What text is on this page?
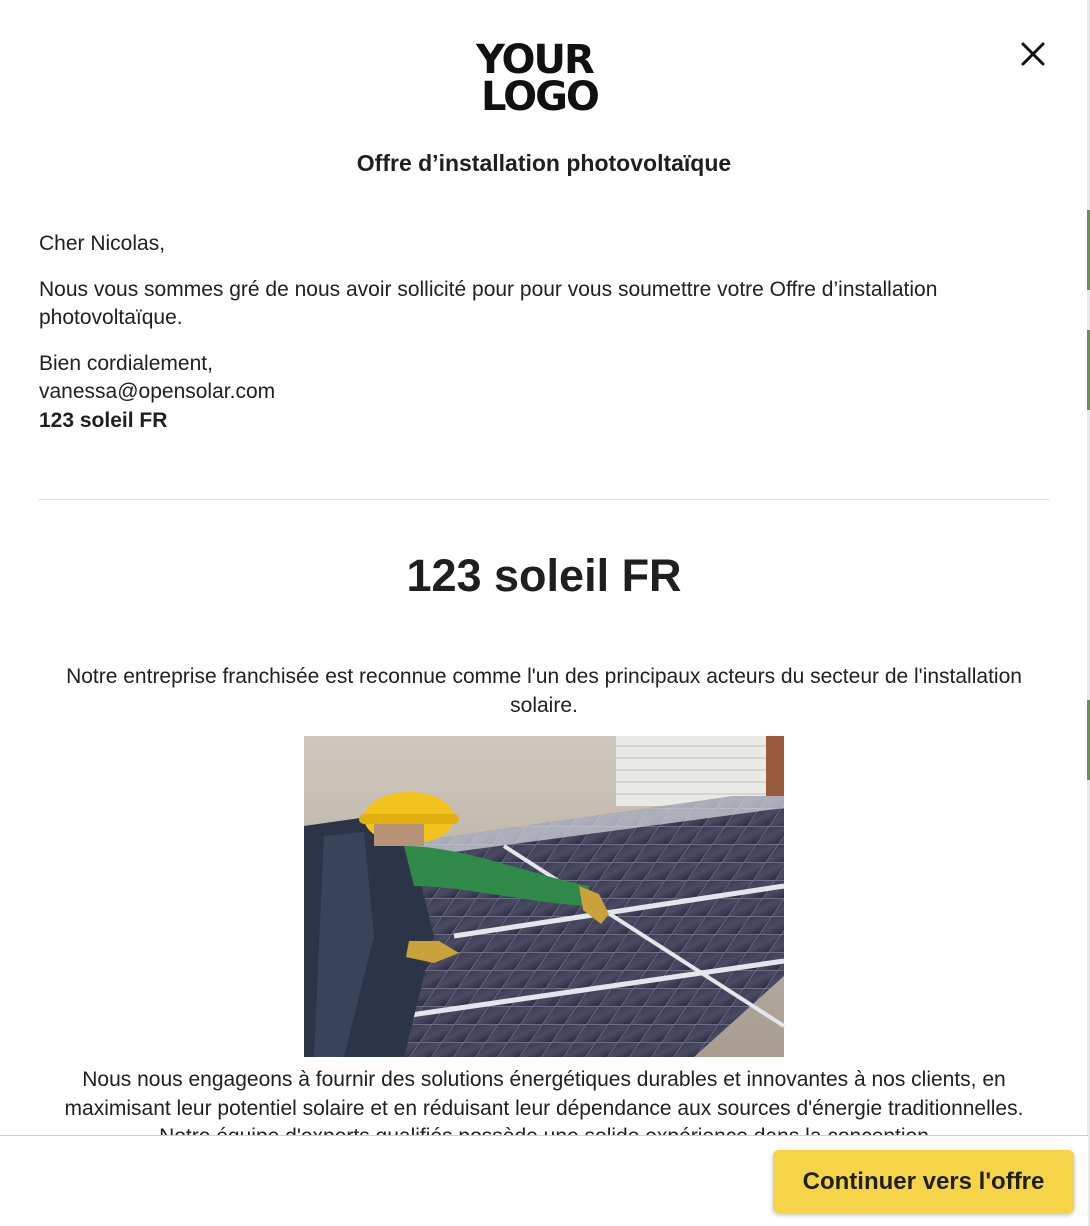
YOUR
LOGO
Offre d’installation photovoltaïque

Cher Nicolas,

Nous vous sommes gré de nous avoir sollicité pour pour vous soumettre votre Offre d’installation photovoltaïque.

Bien cordialement,

vanessa@opensolar.com

123 soleil FR

123 soleil FR

Notre entreprise franchisée est reconnue comme l'un des principaux acteurs du secteur de l'installation solaire.

Nous nous engageons à fournir des solutions énergétiques durables et innovantes à nos clients, en maximisant leur potentiel solaire et en réduisant leur dépendance aux sources d'énergie traditionnelles.

Continuer vers l'offre
